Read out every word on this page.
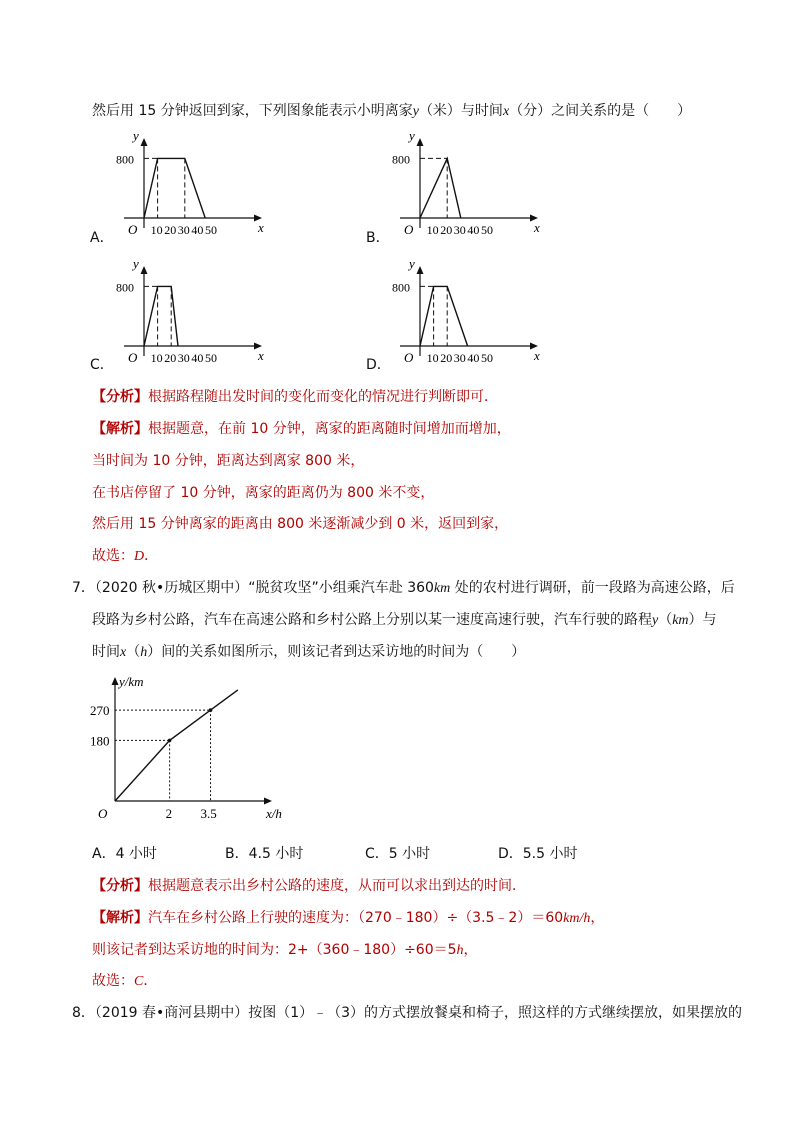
然后用 15 分钟返回到家，下列图象能表示小明离家y（米）与时间x（分）之间关系的是（　　）
A．	B．
C．	D．
y
x
O
800
10 20 30 40 50
y
x
O
800
10 20 30 40 50
y
x
O
800
10 20 30 40 50
y
x
O
800
10 20 30 40 50
【分析】根据路程随出发时间的变化而变化的情况进行判断即可．
【解析】根据题意，在前 10 分钟，离家的距离随时间增加而增加，
当时间为 10 分钟，距离达到离家 800 米，
在书店停留了 10 分钟，离家的距离仍为 800 米不变，
然后用 15 分钟离家的距离由 800 米逐渐减少到 0 米，返回到家，
故选：D．
7．（2020 秋•历城区期中）“脱贫攻坚”小组乘汽车赴 360km 处的农村进行调研，前一段路为高速公路，后
段路为乡村公路，汽车在高速公路和乡村公路上分别以某一速度高速行驶，汽车行驶的路程y（km）与
时间x（h）间的关系如图所示，则该记者到达采访地的时间为（　　）
y/km
x/h
O
180
270
2 3.5
A．4 小时	B．4.5 小时	C．5 小时	D．5.5 小时
【分析】根据题意表示出乡村公路的速度，从而可以求出到达的时间．
【解析】汽车在乡村公路上行驶的速度为：（270﹣180）÷（3.5﹣2）＝60km/h，
则该记者到达采访地的时间为：2+（360﹣180）÷60＝5h，
故选：C．
8．（2019 春•商河县期中）按图（1）﹣（3）的方式摆放餐桌和椅子，照这样的方式继续摆放，如果摆放的
